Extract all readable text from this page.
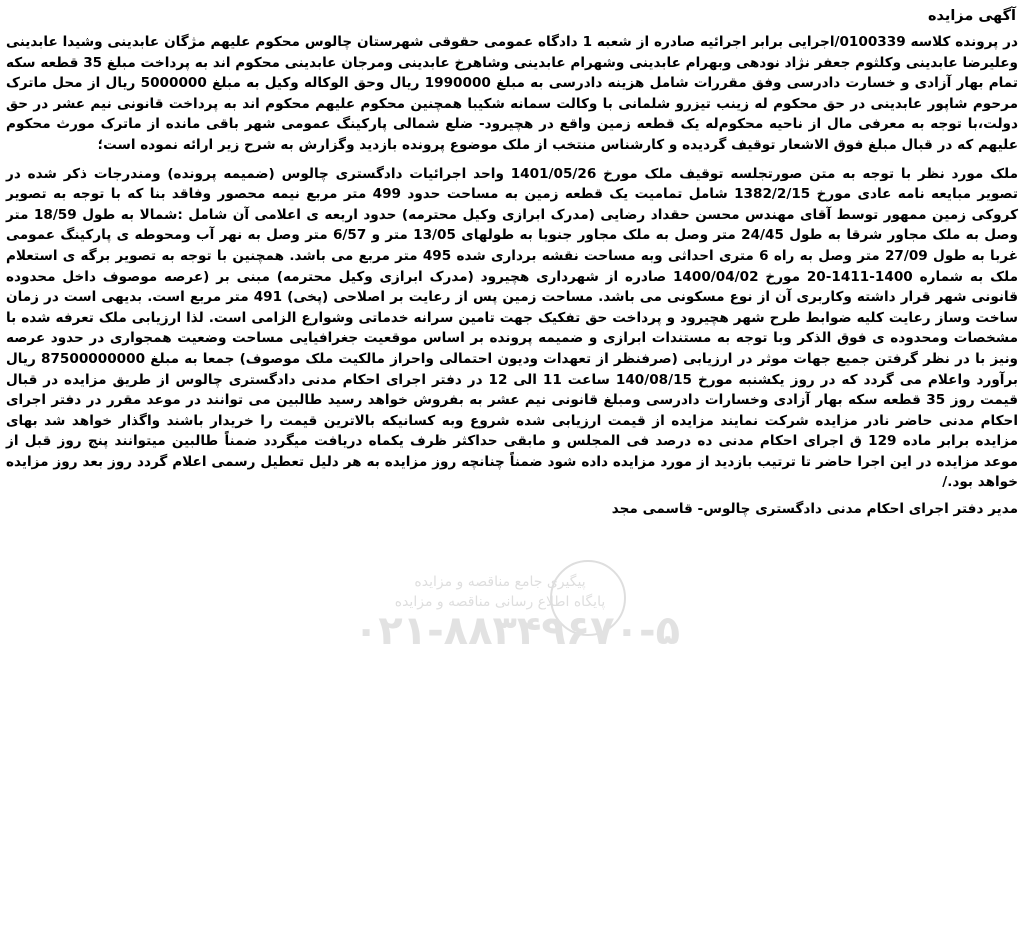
آگهی مزایده

در پرونده کلاسه 0100339/اجرایی برابر اجرائیه صادره از شعبه 1 دادگاه عمومی حقوقی شهرستان چالوس محکوم علیهم مژگان عابدینی وشیدا عابدینی وعلیرضا عابدینی وکلثوم جعفر نژاد نودهی وبهرام عابدینی وشهرام عابدینی وشاهرخ عابدینی ومرجان عابدینی محکوم اند به پرداخت مبلغ 35 قطعه سکه تمام بهار آزادی و خسارت دادرسی وفق مقررات شامل هزینه دادرسی به مبلغ 1990000 ریال وحق الوکاله وکیل به مبلغ 5000000 ریال از محل ماترک مرحوم شاپور عابدینی در حق محکوم له زینب تیزرو شلمانی با وکالت سمانه شکیبا همچنین محکوم علیهم محکوم اند به پرداخت قانونی نیم عشر در حق دولت،با توجه به معرفی مال از ناحیه محکوم‌له یک قطعه زمین واقع در هچیرود- ضلع شمالی پارکینگ عمومی شهر باقی مانده از ماترک مورث محکوم علیهم که در قبال مبلغ فوق الاشعار توقیف گردیده و کارشناس منتخب از ملک موضوع پرونده بازدید وگزارش به شرح زیر ارائه نموده است؛

ملک مورد نظر با توجه به متن صورتجلسه توقیف ملک مورخ 1401/05/26 واحد اجرائیات دادگستری چالوس (ضمیمه پرونده) ومندرجات ذکر شده در تصویر مبایعه نامه عادی مورخ 1382/2/15 شامل تمامیت یک قطعه زمین به مساحت حدود 499 متر مربع نیمه محصور وفاقد بنا که با توجه به تصویر کروکی زمین ممهور توسط آقای مهندس محسن حقداد رضایی (مدرک ابرازی وکیل محترمه) حدود اربعه ی اعلامی آن شامل :شمالا به طول 18/59 متر وصل به ملک مجاور شرقا به طول 24/45 متر وصل به ملک مجاور جنوبا به طولهای 13/05 متر و 6/57 متر وصل به نهر آب ومحوطه ی پارکینگ عمومی غربا به طول 27/09 متر وصل به راه 6 متری احداثی وبه مساحت نقشه برداری شده 495 متر مربع می باشد. همچنین با توجه به تصویر برگه ی استعلام ملک به شماره 1400-1411-20 مورخ 1400/04/02 صادره از شهرداری هچیرود (مدرک ابرازی وکیل محترمه) مبنی بر (عرصه موصوف داخل محدوده قانونی شهر قرار داشته وکاربری آن از نوع مسکونی می باشد. مساحت زمین پس از رعایت بر اصلاحی (پخی) 491 متر مربع است. بدیهی است در زمان ساخت وساز رعایت کلیه ضوابط طرح شهر هچیرود و پرداخت حق تفکیک جهت تامین سرانه خدماتی وشوارع الزامی است. لذا ارزیابی ملک تعرفه شده با مشخصات ومحدوده ی فوق الذکر وبا توجه به مستندات ابرازی و ضمیمه پرونده بر اساس موقعیت جغرافیایی مساحت وضعیت همجواری در حدود عرصه ونیز با در نظر گرفتن جمیع جهات موثر در ارزیابی (صرفنظر از تعهدات ودیون احتمالی واحراز مالکیت ملک موصوف) جمعا به مبلغ 87500000000 ریال برآورد واعلام می گردد که در روز یکشنبه مورخ 140/08/15 ساعت 11 الی 12 در دفتر اجرای احکام مدنی دادگستری چالوس از طریق مزایده در قبال قیمت روز 35 قطعه سکه بهار آزادی وخسارات دادرسی ومبلغ قانونی نیم عشر به بفروش خواهد رسید طالبین می توانند در موعد مقرر در دفتر اجرای احکام مدنی حاضر نادر مزایده شرکت نمایند مزایده از قیمت ارزیابی شده شروع وبه کسانیکه بالاترین قیمت را خریدار باشند واگذار خواهد شد بهای مزایده برابر ماده 129 ق اجرای احکام مدنی ده درصد فی المجلس و مابقی حداکثر ظرف یکماه دریافت میگردد ضمناً طالبین میتوانند پنج روز قبل از موعد مزایده در این اجرا حاضر تا ترتیب بازدید از مورد مزایده داده شود ضمناً چنانچه روز مزایده به هر دلیل تعطیل رسمی اعلام گردد روز بعد روز مزایده خواهد بود./

مدیر دفتر اجرای احکام مدنی دادگستری چالوس- قاسمی مجد

پیگیری جامع مناقصه و مزایده
پایگاه اطلاع رسانی مناقصه و مزایده
۰۲۱-۸۸۳۴۹۶۷۰-۵
